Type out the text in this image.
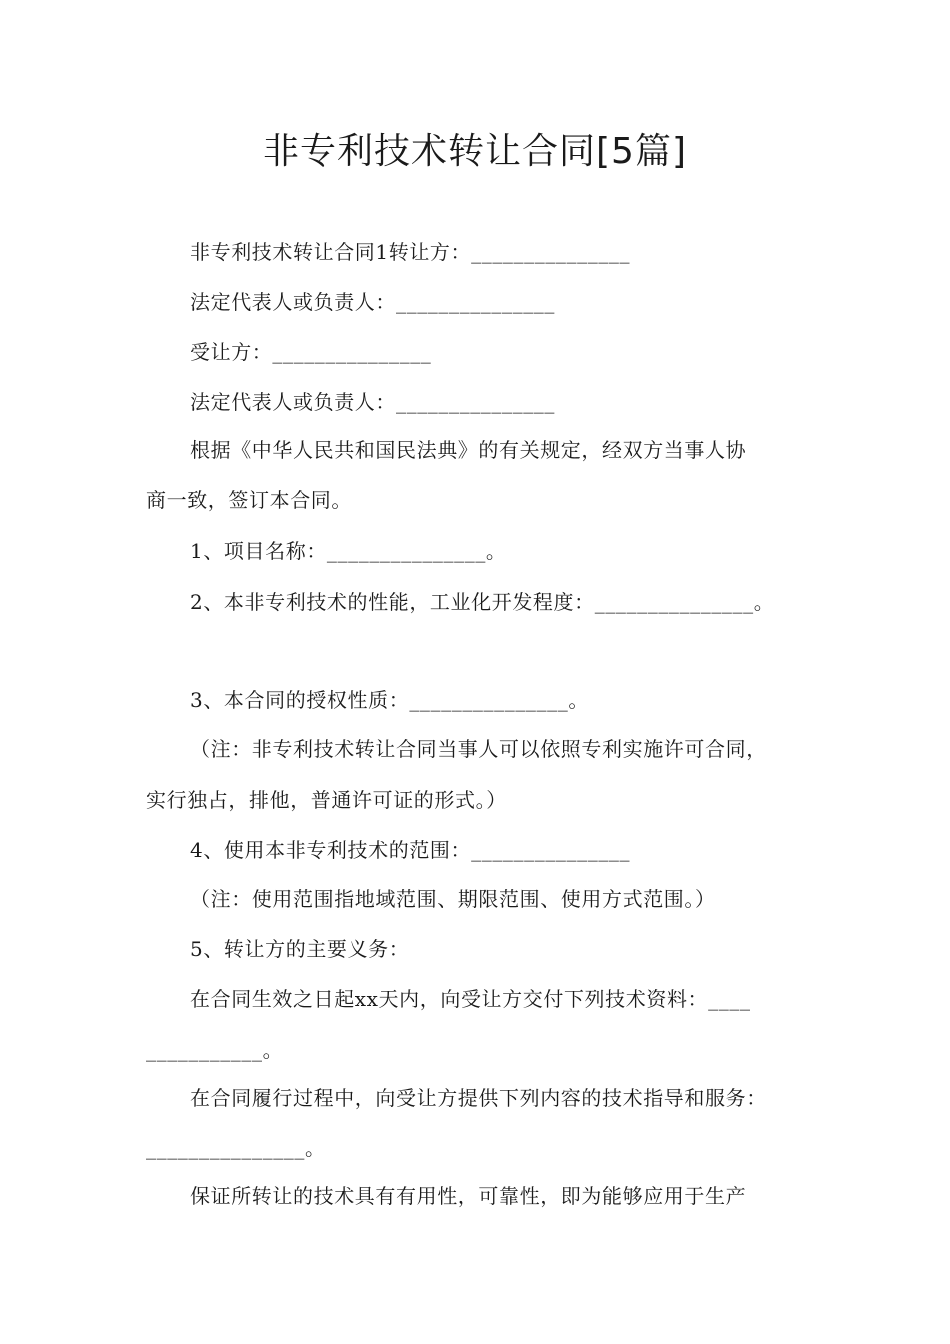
非专利技术转让合同[5篇]
非专利技术转让合同1转让方：_______________
法定代表人或负责人：_______________
受让方：_______________
法定代表人或负责人：_______________
根据《中华人民共和国民法典》的有关规定，经双方当事人协
商一致，签订本合同。
1、项目名称：_______________。
2、本非专利技术的性能，工业化开发程度：_______________。
3、本合同的授权性质：_______________。
（注：非专利技术转让合同当事人可以依照专利实施许可合同，
实行独占，排他，普通许可证的形式。）
4、使用本非专利技术的范围：_______________
（注：使用范围指地域范围、期限范围、使用方式范围。）
5、转让方的主要义务：
在合同生效之日起xx天内，向受让方交付下列技术资料：____
___________。
在合同履行过程中，向受让方提供下列内容的技术指导和服务：
_______________。
保证所转让的技术具有有用性，可靠性，即为能够应用于生产
